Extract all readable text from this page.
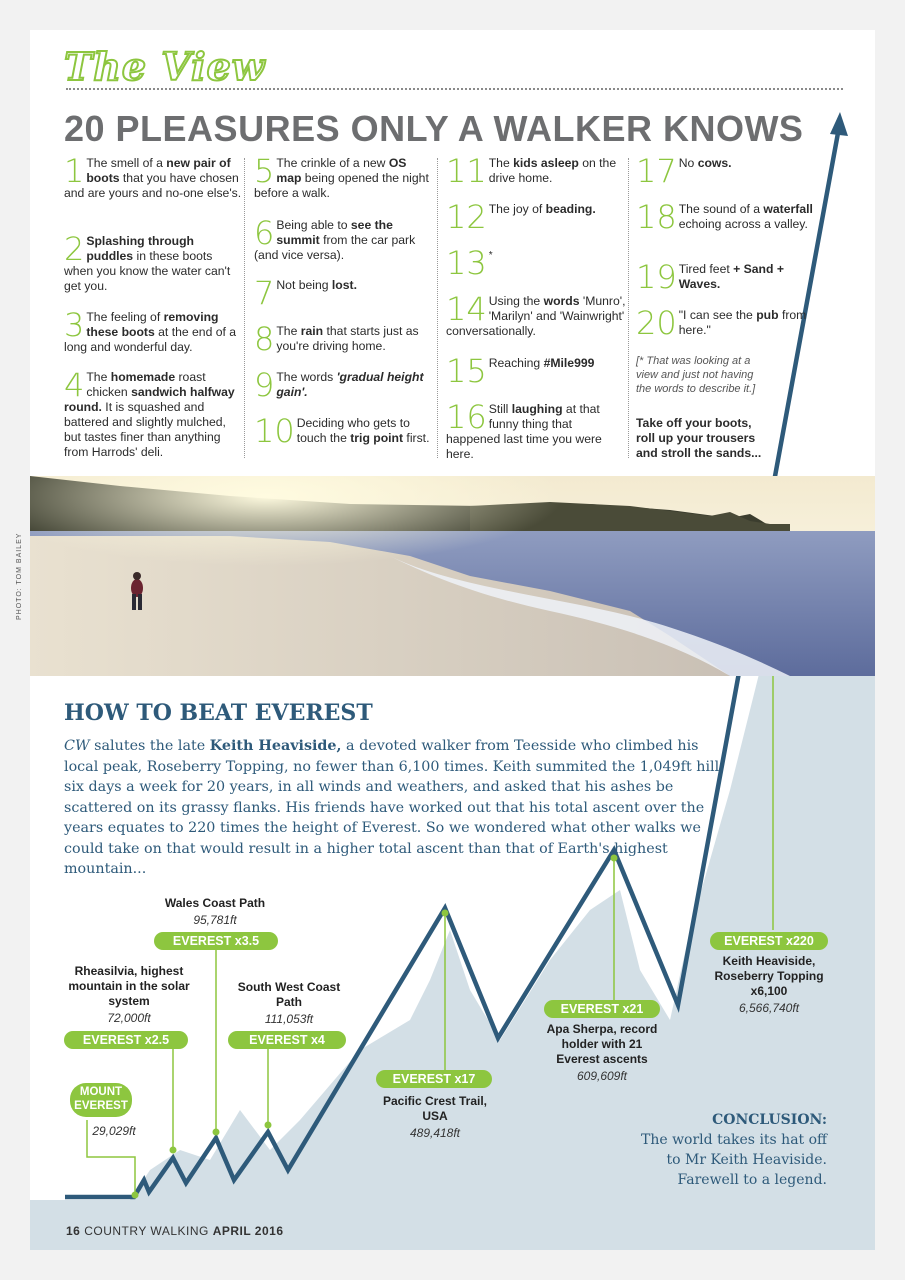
The View
20 PLEASURES ONLY A WALKER KNOWS
1 The smell of a new pair of boots that you have chosen and are yours and no-one else's.
2 Splashing through puddles in these boots when you know the water can't get you.
3 The feeling of removing these boots at the end of a long and wonderful day.
4 The homemade roast chicken sandwich halfway round. It is squashed and battered and slightly mulched, but tastes finer than anything from Harrods' deli.
5 The crinkle of a new OS map being opened the night before a walk.
6 Being able to see the summit from the car park (and vice versa).
7 Not being lost.
8 The rain that starts just as you're driving home.
9 The words 'gradual height gain'.
10 Deciding who gets to touch the trig point first.
11 The kids asleep on the drive home.
12 The joy of beading.
13 *
14 Using the words 'Munro', 'Marilyn' and 'Wainwright' conversationally.
15 Reaching #Mile999
16 Still laughing at that funny thing that happened last time you were here.
17 No cows.
18 The sound of a waterfall echoing across a valley.
19 Tired feet + Sand + Waves.
20 "I can see the pub from here."
[* That was looking at a view and just not having the words to describe it.]
Take off your boots, roll up your trousers and stroll the sands...
PHOTO: TOM BAILEY
HOW TO BEAT EVEREST
CW salutes the late Keith Heaviside, a devoted walker from Teesside who climbed his local peak, Roseberry Topping, no fewer than 6,100 times. Keith summited the 1,049ft hill six days a week for 20 years, in all winds and weathers, and asked that his ashes be scattered on its grassy flanks. His friends have worked out that his total ascent over the years equates to 220 times the height of Everest. So we wondered what other walks we could take on that would result in a higher total ascent than that of Earth's highest mountain...
MOUNT EVEREST
29,029ft
Rheasilvia, highest mountain in the solar system
72,000ft
EVEREST x2.5
Wales Coast Path
95,781ft
EVEREST x3.5
South West Coast Path
111,053ft
EVEREST x4
EVEREST x17
Pacific Crest Trail, USA
489,418ft
EVEREST x21
Apa Sherpa, record holder with 21 Everest ascents
609,609ft
EVEREST x220
Keith Heaviside, Roseberry Topping x6,100
6,566,740ft
CONCLUSION:
The world takes its hat off
to Mr Keith Heaviside.
Farewell to a legend.
16 COUNTRY WALKING APRIL 2016
